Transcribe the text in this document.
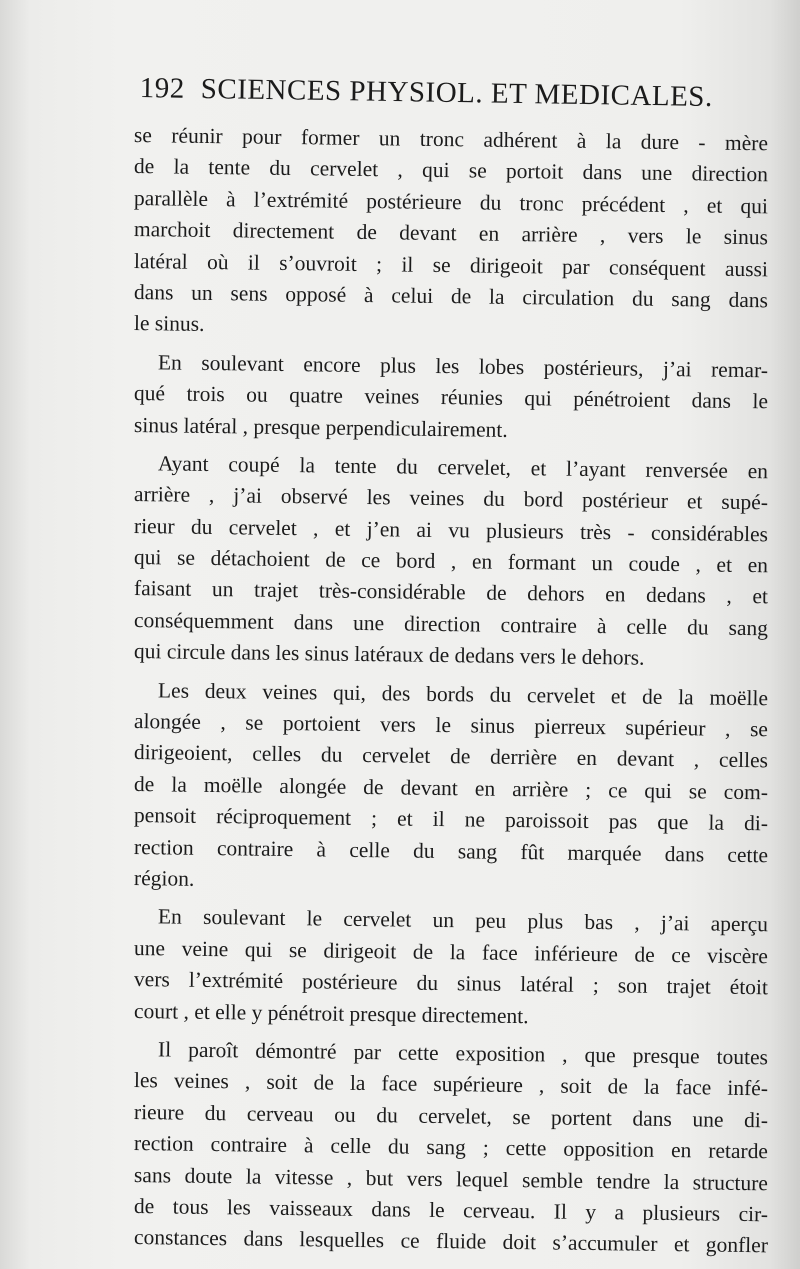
192 SCIENCES PHYSIOL. ET MEDICALES.
se réunir pour former un tronc adhérent à la dure - mère
de la tente du cervelet , qui se portoit dans une direction
parallèle à l’extrémité postérieure du tronc précédent , et qui
marchoit directement de devant en arrière , vers le sinus
latéral où il s’ouvroit ; il se dirigeoit par conséquent aussi
dans un sens opposé à celui de la circulation du sang dans
le sinus.
En soulevant encore plus les lobes postérieurs, j’ai remar-
qué trois ou quatre veines réunies qui pénétroient dans le
sinus latéral , presque perpendiculairement.
Ayant coupé la tente du cervelet, et l’ayant renversée en
arrière , j’ai observé les veines du bord postérieur et supé-
rieur du cervelet , et j’en ai vu plusieurs très - considérables
qui se détachoient de ce bord , en formant un coude , et en
faisant un trajet très-considérable de dehors en dedans , et
conséquemment dans une direction contraire à celle du sang
qui circule dans les sinus latéraux de dedans vers le dehors.
Les deux veines qui, des bords du cervelet et de la moëlle
alongée , se portoient vers le sinus pierreux supérieur , se
dirigeoient, celles du cervelet de derrière en devant , celles
de la moëlle alongée de devant en arrière ; ce qui se com-
pensoit réciproquement ; et il ne paroissoit pas que la di-
rection contraire à celle du sang fût marquée dans cette
région.
En soulevant le cervelet un peu plus bas , j’ai aperçu
une veine qui se dirigeoit de la face inférieure de ce viscère
vers l’extrémité postérieure du sinus latéral ; son trajet étoit
court , et elle y pénétroit presque directement.
Il paroît démontré par cette exposition , que presque toutes
les veines , soit de la face supérieure , soit de la face infé-
rieure du cerveau ou du cervelet, se portent dans une di-
rection contraire à celle du sang ; cette opposition en retarde
sans doute la vitesse , but vers lequel semble tendre la structure
de tous les vaisseaux dans le cerveau. Il y a plusieurs cir-
constances dans lesquelles ce fluide doit s’accumuler et gonfler
